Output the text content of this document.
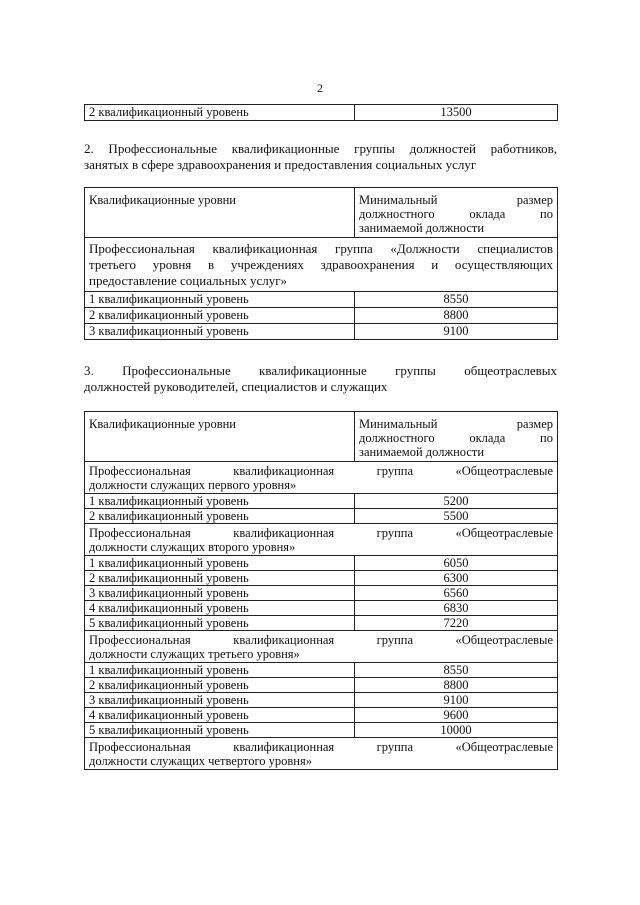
2
2 квалификационный уровень	13500
2. Профессиональные квалификационные группы должностей работников,
занятых в сфере здравоохранения и предоставления социальных услуг
Квалификационные уровни	Минимальный размер
должностного оклада по
занимаемой должности

Профессиональная квалификационная группа «Должности специалистов
третьего уровня в учреждениях здравоохранения и осуществляющих
предоставление социальных услуг»	
1 квалификационный уровень	8550
2 квалификационный уровень	8800
3 квалификационный уровень	9100
3. Профессиональные квалификационные группы общеотраслевых
должностей руководителей, специалистов и служащих
Квалификационные уровни	Минимальный размер
должностного оклада по
занимаемой должности

Профессиональная квалификационная группа «Общеотраслевые
должности служащих первого уровня»	
1 квалификационный уровень	5200
2 квалификационный уровень	5500

Профессиональная квалификационная группа «Общеотраслевые
должности служащих второго уровня»	
1 квалификационный уровень	6050
2 квалификационный уровень	6300
3 квалификационный уровень	6560
4 квалификационный уровень	6830
5 квалификационный уровень	7220

Профессиональная квалификационная группа «Общеотраслевые
должности служащих третьего уровня»	
1 квалификационный уровень	8550
2 квалификационный уровень	8800
3 квалификационный уровень	9100
4 квалификационный уровень	9600
5 квалификационный уровень	10000

Профессиональная квалификационная группа «Общеотраслевые
должности служащих четвертого уровня»	
